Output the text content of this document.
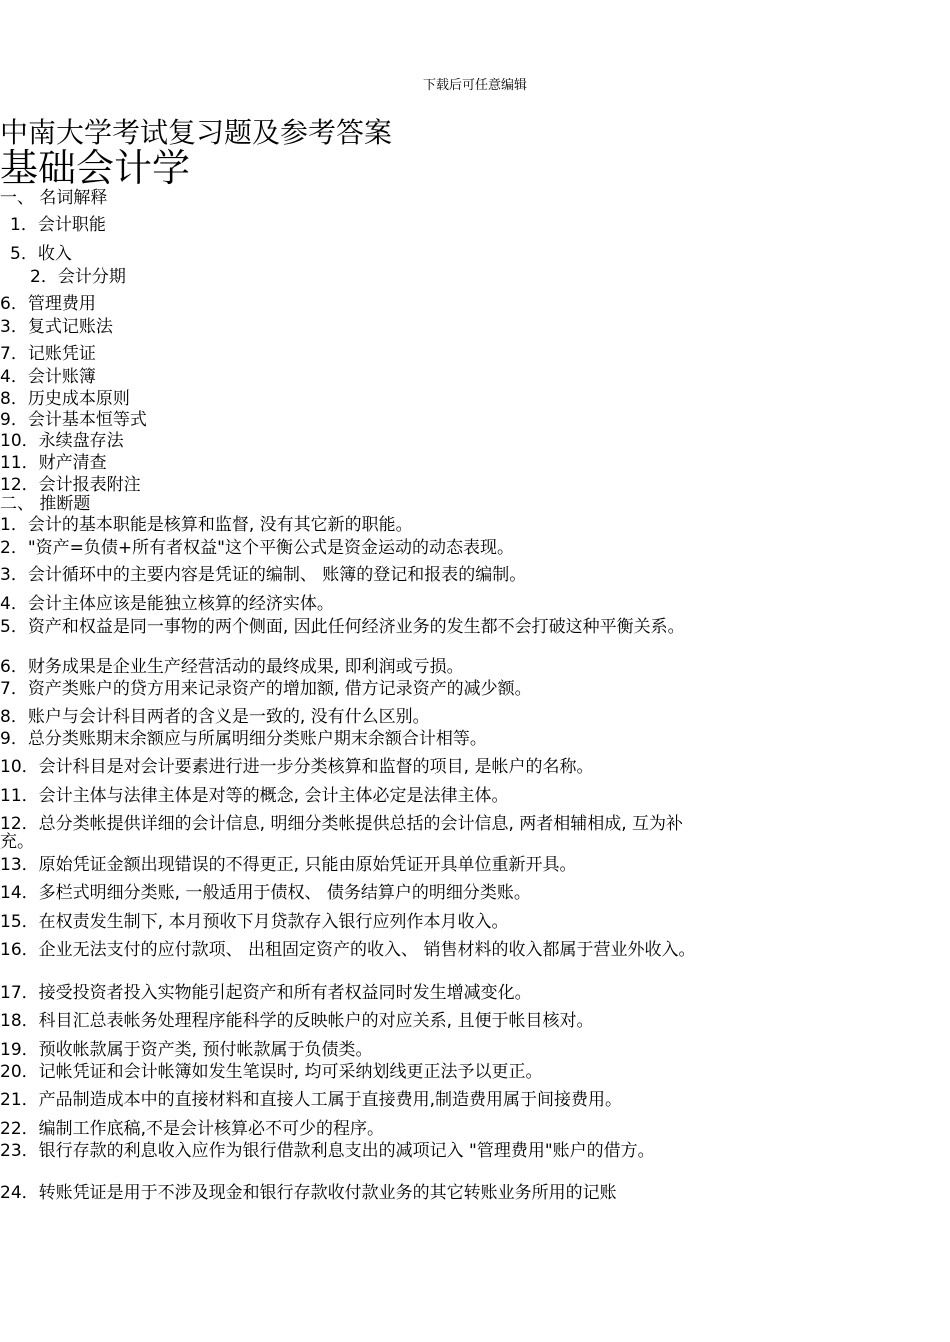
下载后可任意编辑
中南大学考试复习题及参考答案
基础会计学

一、 名词解释

1．会计职能

5．收入

2．会计分期

6．管理费用

3．复式记账法

7．记账凭证

4．会计账簿

8．历史成本原则

9．会计基本恒等式

10．永续盘存法

11．财产清查

12．会计报表附注

二、 推断题

1．会计的基本职能是核算和监督, 没有其它新的职能。

2．"资产=负债+所有者权益"这个平衡公式是资金运动的动态表现。

3．会计循环中的主要内容是凭证的编制、 账簿的登记和报表的编制。

4．会计主体应该是能独立核算的经济实体。

5．资产和权益是同一事物的两个侧面, 因此任何经济业务的发生都不会打破这种平衡关系。

6．财务成果是企业生产经营活动的最终成果, 即利润或亏损。

7．资产类账户的贷方用来记录资产的增加额, 借方记录资产的减少额。

8．账户与会计科目两者的含义是一致的, 没有什么区别。

9．总分类账期末余额应与所属明细分类账户期末余额合计相等。

10．会计科目是对会计要素进行进一步分类核算和监督的项目, 是帐户的名称。

11．会计主体与法律主体是对等的概念, 会计主体必定是法律主体。

12．总分类帐提供详细的会计信息, 明细分类帐提供总括的会计信息, 两者相辅相成, 互为补充。

13．原始凭证金额出现错误的不得更正, 只能由原始凭证开具单位重新开具。

14．多栏式明细分类账, 一般适用于债权、 债务结算户的明细分类账。

15．在权责发生制下, 本月预收下月贷款存入银行应列作本月收入。

16．企业无法支付的应付款项、 出租固定资产的收入、 销售材料的收入都属于营业外收入。

17．接受投资者投入实物能引起资产和所有者权益同时发生增减变化。

18．科目汇总表帐务处理程序能科学的反映帐户的对应关系, 且便于帐目核对。

19．预收帐款属于资产类, 预付帐款属于负债类。

20．记帐凭证和会计帐簿如发生笔误时, 均可采纳划线更正法予以更正。

21．产品制造成本中的直接材料和直接人工属于直接费用,制造费用属于间接费用。

22．编制工作底稿,不是会计核算必不可少的程序。

23．银行存款的利息收入应作为银行借款利息支出的减项记入 "管理费用"账户的借方。

24．转账凭证是用于不涉及现金和银行存款收付款业务的其它转账业务所用的记账
